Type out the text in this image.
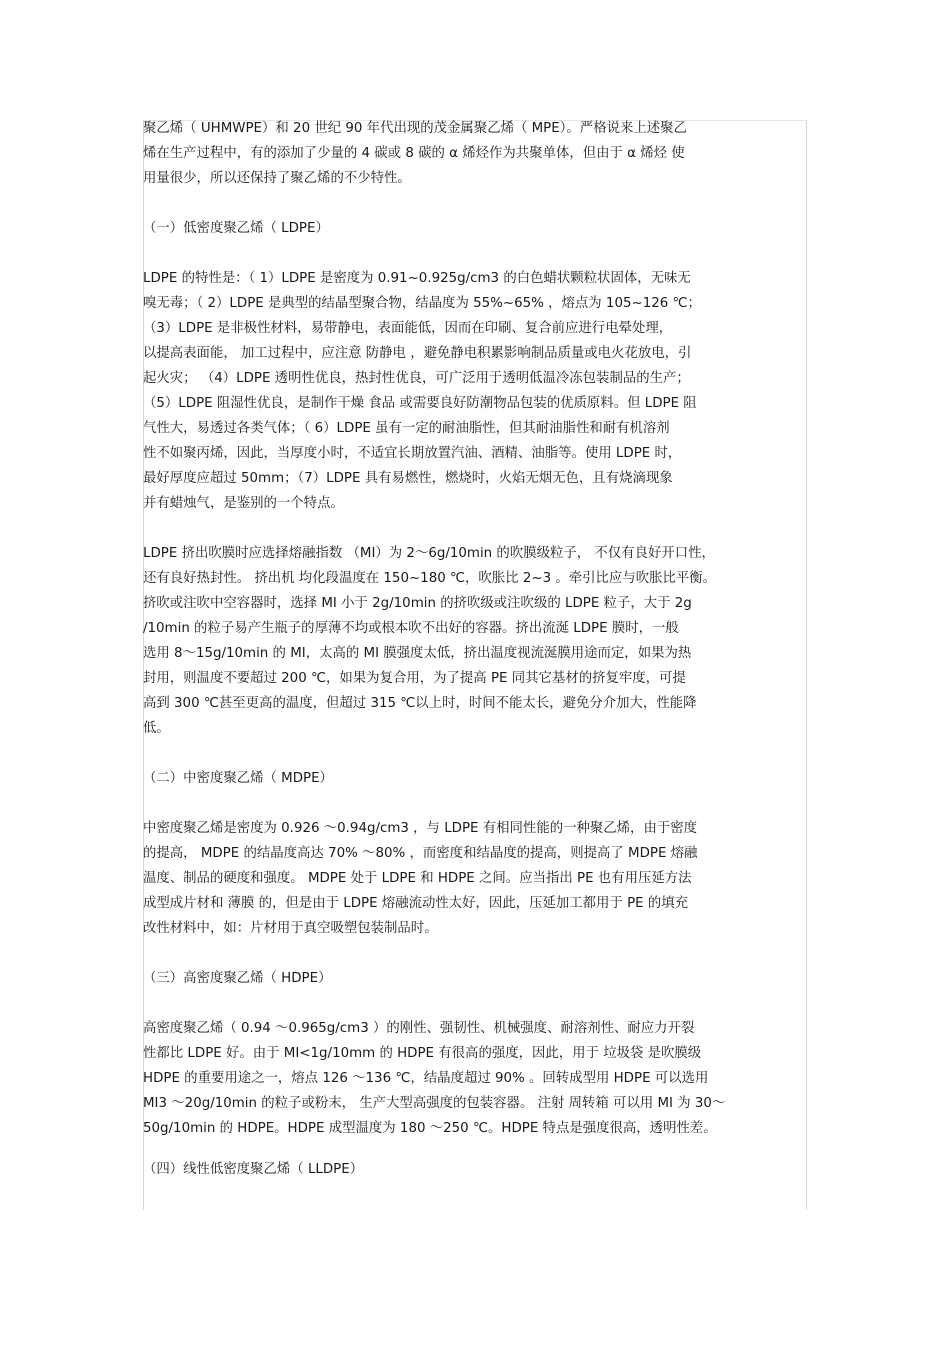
聚乙烯（ UHMWPE）和 20 世纪 90 年代出现的茂金属聚乙烯（ MPE）。严格说来上述聚乙
烯在生产过程中，有的添加了少量的 4 碳或 8 碳的 α 烯烃作为共聚单体，但由于 α 烯烃 使
用量很少，所以还保持了聚乙烯的不少特性。
（一）低密度聚乙烯（ LDPE）
LDPE 的特性是：（ 1）LDPE 是密度为 0.91~0.925g/cm3 的白色蜡状颗粒状固体，无味无
嗅无毒；（ 2）LDPE 是典型的结晶型聚合物，结晶度为 55%~65% ，熔点为 105~126 ℃；
（3）LDPE 是非极性材料，易带静电，表面能低，因而在印刷、复合前应进行电晕处理，
以提高表面能， 加工过程中，应注意 防静电 ，避免静电积累影响制品质量或电火花放电，引
起火灾； （4）LDPE 透明性优良，热封性优良，可广泛用于透明低温冷冻包装制品的生产；
（5）LDPE 阻湿性优良，是制作干燥 食品 或需要良好防潮物品包装的优质原料。但 LDPE 阻
气性大，易透过各类气体；（ 6）LDPE 虽有一定的耐油脂性，但其耐油脂性和耐有机溶剂
性不如聚丙烯，因此，当厚度小时，不适宜长期放置汽油、酒精、油脂等。使用 LDPE 时，
最好厚度应超过 50mm；（7）LDPE 具有易燃性，燃烧时，火焰无烟无色，且有烧滴现象
并有蜡烛气，是鉴别的一个特点。
LDPE 挤出吹膜时应选择熔融指数 （MI）为 2～6g/10min 的吹膜级粒子， 不仅有良好开口性，
还有良好热封性。 挤出机 均化段温度在 150~180 ℃，吹胀比 2~3 。牵引比应与吹胀比平衡。
挤吹或注吹中空容器时，选择 MI 小于 2g/10min 的挤吹级或注吹级的 LDPE 粒子，大于 2g
/10min 的粒子易产生瓶子的厚薄不均或根本吹不出好的容器。挤出流涎 LDPE 膜时，一般
选用 8～15g/10min 的 MI，太高的 MI 膜强度太低，挤出温度视流涎膜用途而定，如果为热
封用，则温度不要超过 200 ℃，如果为复合用，为了提高 PE 同其它基材的挤复牢度，可提
高到 300 ℃甚至更高的温度，但超过 315 ℃以上时，时间不能太长，避免分介加大，性能降
低。
（二）中密度聚乙烯（ MDPE）
中密度聚乙烯是密度为 0.926 ～0.94g/cm3 ，与 LDPE 有相同性能的一种聚乙烯，由于密度
的提高， MDPE 的结晶度高达 70% ～80% ，而密度和结晶度的提高，则提高了 MDPE 熔融
温度、制品的硬度和强度。 MDPE 处于 LDPE 和 HDPE 之间。应当指出 PE 也有用压延方法
成型成片材和 薄膜 的，但是由于 LDPE 熔融流动性太好，因此，压延加工都用于 PE 的填充
改性材料中，如：片材用于真空吸塑包装制品时。
（三）高密度聚乙烯（ HDPE）
高密度聚乙烯（ 0.94 ～0.965g/cm3 ）的刚性、强韧性、机械强度、耐溶剂性、耐应力开裂
性都比 LDPE 好。由于 MI<1g/10mm 的 HDPE 有很高的强度，因此，用于 垃圾袋 是吹膜级
HDPE 的重要用途之一，熔点 126 ～136 ℃，结晶度超过 90% 。回转成型用 HDPE 可以选用
MI3 ～20g/10min 的粒子或粉末， 生产大型高强度的包装容器。 注射 周转箱 可以用 MI 为 30～
50g/10min 的 HDPE。HDPE 成型温度为 180 ～250 ℃。HDPE 特点是强度很高，透明性差。
（四）线性低密度聚乙烯（ LLDPE）
